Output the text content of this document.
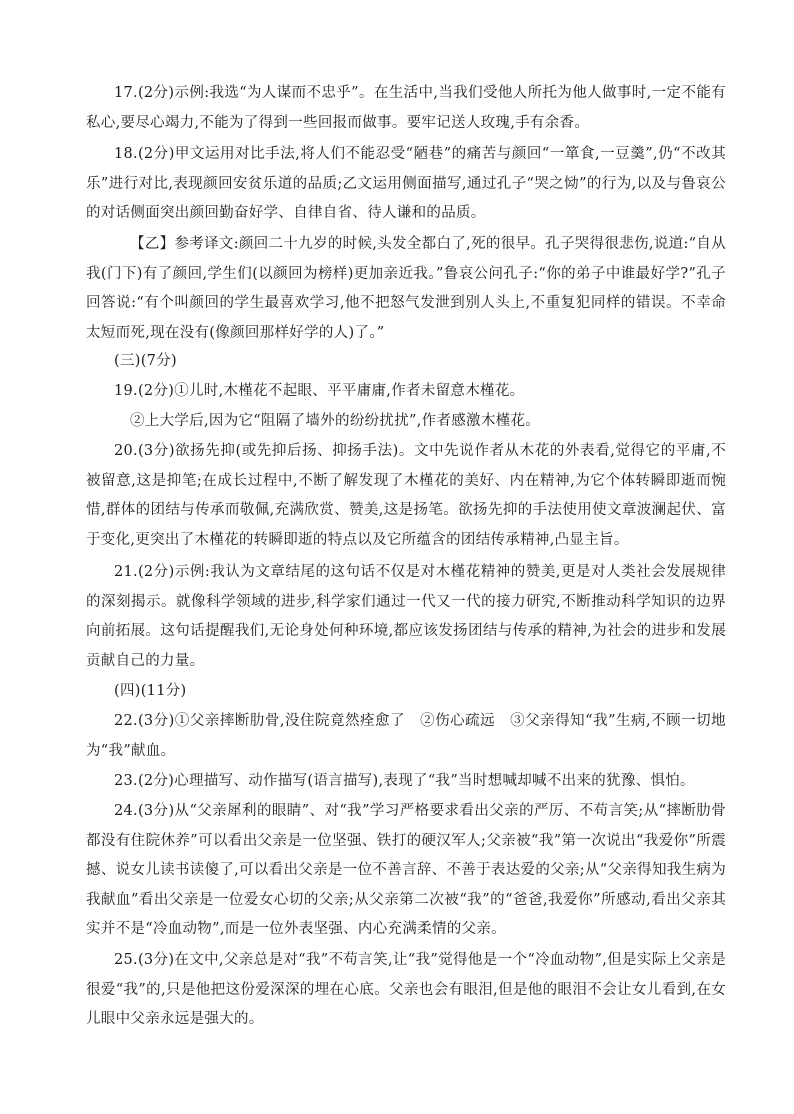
17.(2分)示例:我选“为人谋而不忠乎”。在生活中,当我们受他人所托为他人做事时,一定不能有私心,要尽心竭力,不能为了得到一些回报而做事。要牢记送人玫瑰,手有余香。

18.(2分)甲文运用对比手法,将人们不能忍受“陋巷”的痛苦与颜回“一箪食,一豆羹”,仍“不改其乐”进行对比,表现颜回安贫乐道的品质;乙文运用侧面描写,通过孔子“哭之恸”的行为,以及与鲁哀公的对话侧面突出颜回勤奋好学、自律自省、待人谦和的品质。

【乙】参考译文:颜回二十九岁的时候,头发全都白了,死的很早。孔子哭得很悲伤,说道:“自从我(门下)有了颜回,学生们(以颜回为榜样)更加亲近我。”鲁哀公问孔子:“你的弟子中谁最好学?”孔子回答说:“有个叫颜回的学生最喜欢学习,他不把怒气发泄到别人头上,不重复犯同样的错误。不幸命太短而死,现在没有(像颜回那样好学的人)了。”

(三)(7分)

19.(2分)①儿时,木槿花不起眼、平平庸庸,作者未留意木槿花。

②上大学后,因为它“阻隔了墙外的纷纷扰扰”,作者感激木槿花。

20.(3分)欲扬先抑(或先抑后扬、抑扬手法)。文中先说作者从木花的外表看,觉得它的平庸,不被留意,这是抑笔;在成长过程中,不断了解发现了木槿花的美好、内在精神,为它个体转瞬即逝而惋惜,群体的团结与传承而敬佩,充满欣赏、赞美,这是扬笔。欲扬先抑的手法使用使文章波澜起伏、富于变化,更突出了木槿花的转瞬即逝的特点以及它所蕴含的团结传承精神,凸显主旨。

21.(2分)示例:我认为文章结尾的这句话不仅是对木槿花精神的赞美,更是对人类社会发展规律的深刻揭示。就像科学领域的进步,科学家们通过一代又一代的接力研究,不断推动科学知识的边界向前拓展。这句话提醒我们,无论身处何种环境,都应该发扬团结与传承的精神,为社会的进步和发展贡献自己的力量。

(四)(11分)

22.(3分)①父亲摔断肋骨,没住院竟然痊愈了　②伤心疏远　③父亲得知“我”生病,不顾一切地为“我”献血。

23.(2分)心理描写、动作描写(语言描写),表现了“我”当时想喊却喊不出来的犹豫、惧怕。

24.(3分)从“父亲犀利的眼睛”、对“我”学习严格要求看出父亲的严厉、不苟言笑;从“摔断肋骨都没有住院休养”可以看出父亲是一位坚强、铁打的硬汉军人;父亲被“我”第一次说出“我爱你”所震撼、说女儿读书读傻了,可以看出父亲是一位不善言辞、不善于表达爱的父亲;从“父亲得知我生病为我献血”看出父亲是一位爱女心切的父亲;从父亲第二次被“我”的“爸爸,我爱你”所感动,看出父亲其实并不是“冷血动物”,而是一位外表坚强、内心充满柔情的父亲。

25.(3分)在文中,父亲总是对“我”不苟言笑,让“我”觉得他是一个“冷血动物”,但是实际上父亲是很爱“我”的,只是他把这份爱深深的埋在心底。父亲也会有眼泪,但是他的眼泪不会让女儿看到,在女儿眼中父亲永远是强大的。
